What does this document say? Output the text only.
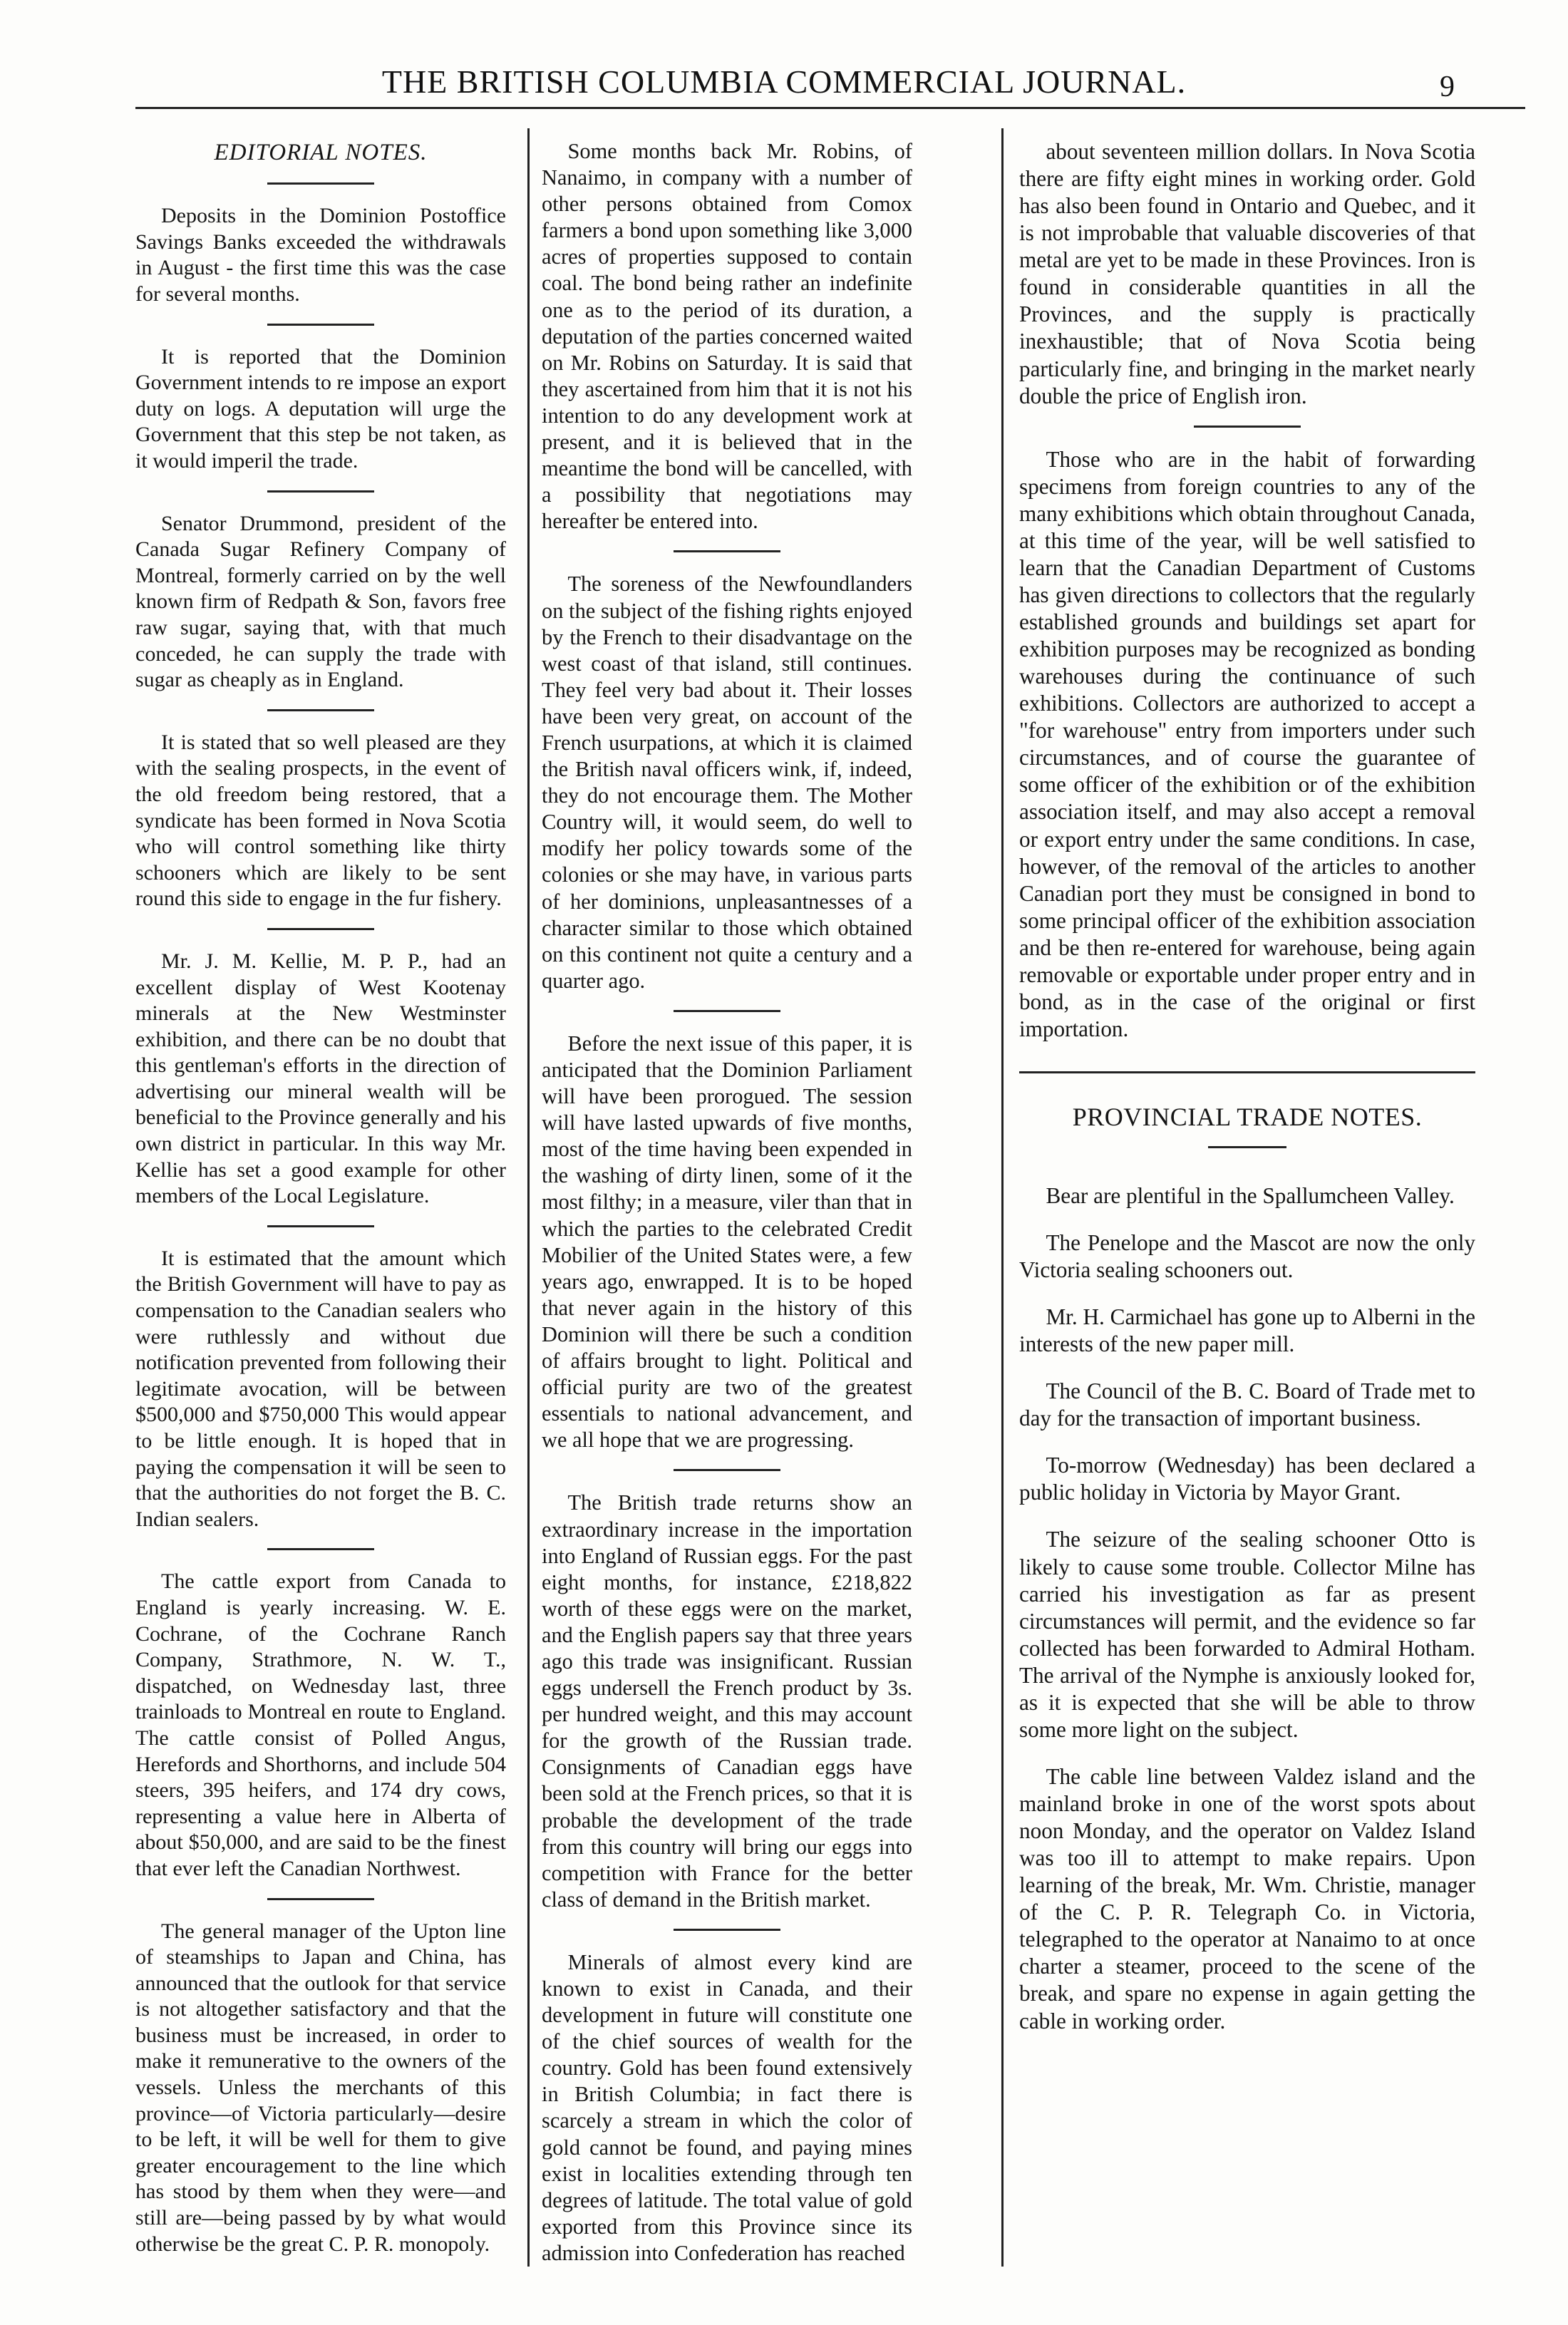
THE BRITISH COLUMBIA COMMERCIAL JOURNAL.	9
EDITORIAL NOTES.

Deposits in the Dominion Postoffice Savings Banks exceeded the withdrawals in August - the first time this was the case for several months.

It is reported that the Dominion Government intends to re impose an export duty on logs. A deputation will urge the Government that this step be not taken, as it would imperil the trade.

Senator Drummond, president of the Canada Sugar Refinery Company of Montreal, formerly carried on by the well known firm of Redpath & Son, favors free raw sugar, saying that, with that much conceded, he can supply the trade with sugar as cheaply as in England.

It is stated that so well pleased are they with the sealing prospects, in the event of the old freedom being restored, that a syndicate has been formed in Nova Scotia who will control something like thirty schooners which are likely to be sent round this side to engage in the fur fishery.

Mr. J. M. Kellie, M. P. P., had an excellent display of West Kootenay minerals at the New Westminster exhibition, and there can be no doubt that this gentleman's efforts in the direction of advertising our mineral wealth will be beneficial to the Province generally and his own district in particular. In this way Mr. Kellie has set a good example for other members of the Local Legislature.

It is estimated that the amount which the British Government will have to pay as compensation to the Canadian sealers who were ruthlessly and without due notification prevented from following their legitimate avocation, will be between $500,000 and $750,000 This would appear to be little enough. It is hoped that in paying the compensation it will be seen to that the authorities do not forget the B. C. Indian sealers.

The cattle export from Canada to England is yearly increasing. W. E. Cochrane, of the Cochrane Ranch Company, Strathmore, N. W. T., dispatched, on Wednesday last, three trainloads to Montreal en route to England. The cattle consist of Polled Angus, Herefords and Shorthorns, and include 504 steers, 395 heifers, and 174 dry cows, representing a value here in Alberta of about $50,000, and are said to be the finest that ever left the Canadian Northwest.

The general manager of the Upton line of steamships to Japan and China, has announced that the outlook for that service is not altogether satisfactory and that the business must be increased, in order to make it remunerative to the owners of the vessels. Unless the merchants of this province—of Victoria particularly—desire to be left, it will be well for them to give greater encouragement to the line which has stood by them when they were—and still are—being passed by by what would otherwise be the great C. P. R. monopoly.

Some months back Mr. Robins, of Nanaimo, in company with a number of other persons obtained from Comox farmers a bond upon something like 3,000 acres of properties supposed to contain coal. The bond being rather an indefinite one as to the period of its duration, a deputation of the parties concerned waited on Mr. Robins on Saturday. It is said that they ascertained from him that it is not his intention to do any development work at present, and it is believed that in the meantime the bond will be cancelled, with a possibility that negotiations may hereafter be entered into.

The soreness of the Newfoundlanders on the subject of the fishing rights enjoyed by the French to their disadvantage on the west coast of that island, still continues. They feel very bad about it. Their losses have been very great, on account of the French usurpations, at which it is claimed the British naval officers wink, if, indeed, they do not encourage them. The Mother Country will, it would seem, do well to modify her policy towards some of the colonies or she may have, in various parts of her dominions, unpleasantnesses of a character similar to those which obtained on this continent not quite a century and a quarter ago.

Before the next issue of this paper, it is anticipated that the Dominion Parliament will have been prorogued. The session will have lasted upwards of five months, most of the time having been expended in the washing of dirty linen, some of it the most filthy; in a measure, viler than that in which the parties to the celebrated Credit Mobilier of the United States were, a few years ago, enwrapped. It is to be hoped that never again in the history of this Dominion will there be such a condition of affairs brought to light. Political and official purity are two of the greatest essentials to national advancement, and we all hope that we are progressing.

The British trade returns show an extraordinary increase in the importation into England of Russian eggs. For the past eight months, for instance, £218,822 worth of these eggs were on the market, and the English papers say that three years ago this trade was insignificant. Russian eggs undersell the French product by 3s. per hundred weight, and this may account for the growth of the Russian trade. Consignments of Canadian eggs have been sold at the French prices, so that it is probable the development of the trade from this country will bring our eggs into competition with France for the better class of demand in the British market.

Minerals of almost every kind are known to exist in Canada, and their development in future will constitute one of the chief sources of wealth for the country. Gold has been found extensively in British Columbia; in fact there is scarcely a stream in which the color of gold cannot be found, and paying mines exist in localities extending through ten degrees of latitude. The total value of gold exported from this Province since its admission into Confederation has reached

about seventeen million dollars. In Nova Scotia there are fifty eight mines in working order. Gold has also been found in Ontario and Quebec, and it is not improbable that valuable discoveries of that metal are yet to be made in these Provinces. Iron is found in considerable quantities in all the Provinces, and the supply is practically inexhaustible; that of Nova Scotia being particularly fine, and bringing in the market nearly double the price of English iron.

Those who are in the habit of forwarding specimens from foreign countries to any of the many exhibitions which obtain throughout Canada, at this time of the year, will be well satisfied to learn that the Canadian Department of Customs has given directions to collectors that the regularly established grounds and buildings set apart for exhibition purposes may be recognized as bonding warehouses during the continuance of such exhibitions. Collectors are authorized to accept a "for warehouse" entry from importers under such circumstances, and of course the guarantee of some officer of the exhibition or of the exhibition association itself, and may also accept a removal or export entry under the same conditions. In case, however, of the removal of the articles to another Canadian port they must be consigned in bond to some principal officer of the exhibition association and be then re-entered for warehouse, being again removable or exportable under proper entry and in bond, as in the case of the original or first importation.

PROVINCIAL TRADE NOTES.

Bear are plentiful in the Spallumcheen Valley.

The Penelope and the Mascot are now the only Victoria sealing schooners out.

Mr. H. Carmichael has gone up to Alberni in the interests of the new paper mill.

The Council of the B. C. Board of Trade met to day for the transaction of important business.

To-morrow (Wednesday) has been declared a public holiday in Victoria by Mayor Grant.

The seizure of the sealing schooner Otto is likely to cause some trouble. Collector Milne has carried his investigation as far as present circumstances will permit, and the evidence so far collected has been forwarded to Admiral Hotham. The arrival of the Nymphe is anxiously looked for, as it is expected that she will be able to throw some more light on the subject.

The cable line between Valdez island and the mainland broke in one of the worst spots about noon Monday, and the operator on Valdez Island was too ill to attempt to make repairs. Upon learning of the break, Mr. Wm. Christie, manager of the C. P. R. Telegraph Co. in Victoria, telegraphed to the operator at Nanaimo to at once charter a steamer, proceed to the scene of the break, and spare no expense in again getting the cable in working order.
